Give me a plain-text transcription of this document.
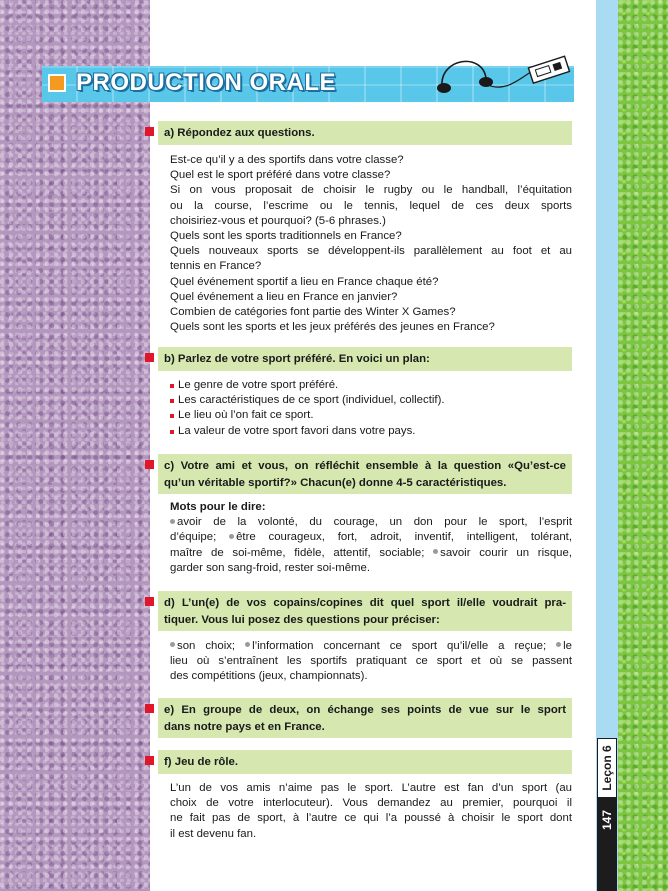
Leçon 6
147
PRODUCTION ORALE
a) Répondez aux questions.
Est-ce qu’il y a des sportifs dans votre classe?
Quel est le sport préféré dans votre classe?
Si on vous proposait de choisir le rugby ou le handball, l’équitation
ou la course, l’escrime ou le tennis, lequel de ces deux sports
choisiriez-vous et pourquoi? (5-6 phrases.)
Quels sont les sports traditionnels en France?
Quels nouveaux sports se développent-ils parallèlement au foot et au
tennis en France?
Quel événement sportif a lieu en France chaque été?
Quel événement a lieu en France en janvier?
Combien de catégories font partie des Winter X Games?
Quels sont les sports et les jeux préférés des jeunes en France?
b) Parlez de votre sport préféré. En voici un plan:
Le genre de votre sport préféré.
Les caractéristiques de ce sport (individuel, collectif).
Le lieu où l’on fait ce sport.
La valeur de votre sport favori dans votre pays.
c) Votre ami et vous, on réfléchit ensemble à la question «Qu’est-ce
qu’un véritable sportif?» Chacun(e) donne 4-5 caractéristiques.
Mots pour le dire:
avoir de la volonté, du courage, un don pour le sport, l’esprit
d’équipe; être courageux, fort, adroit, inventif, intelligent, tolérant,
maître de soi-même, fidèle, attentif, sociable; savoir courir un risque,
garder son sang-froid, rester soi-même.
d) L’un(e) de vos copains/copines dit quel sport il/elle voudrait pra-
tiquer. Vous lui posez des questions pour préciser:
son choix; l’information concernant ce sport qu’il/elle a reçue; le
lieu où s’entraînent les sportifs pratiquant ce sport et où se passent
des compétitions (jeux, championnats).
e) En groupe de deux, on échange ses points de vue sur le sport
dans notre pays et en France.
f) Jeu de rôle.
L’un de vos amis n’aime pas le sport. L’autre est fan d’un sport (au
choix de votre interlocuteur). Vous demandez au premier, pourquoi il
ne fait pas de sport, à l’autre ce qui l’a poussé à choisir le sport dont
il est devenu fan.
